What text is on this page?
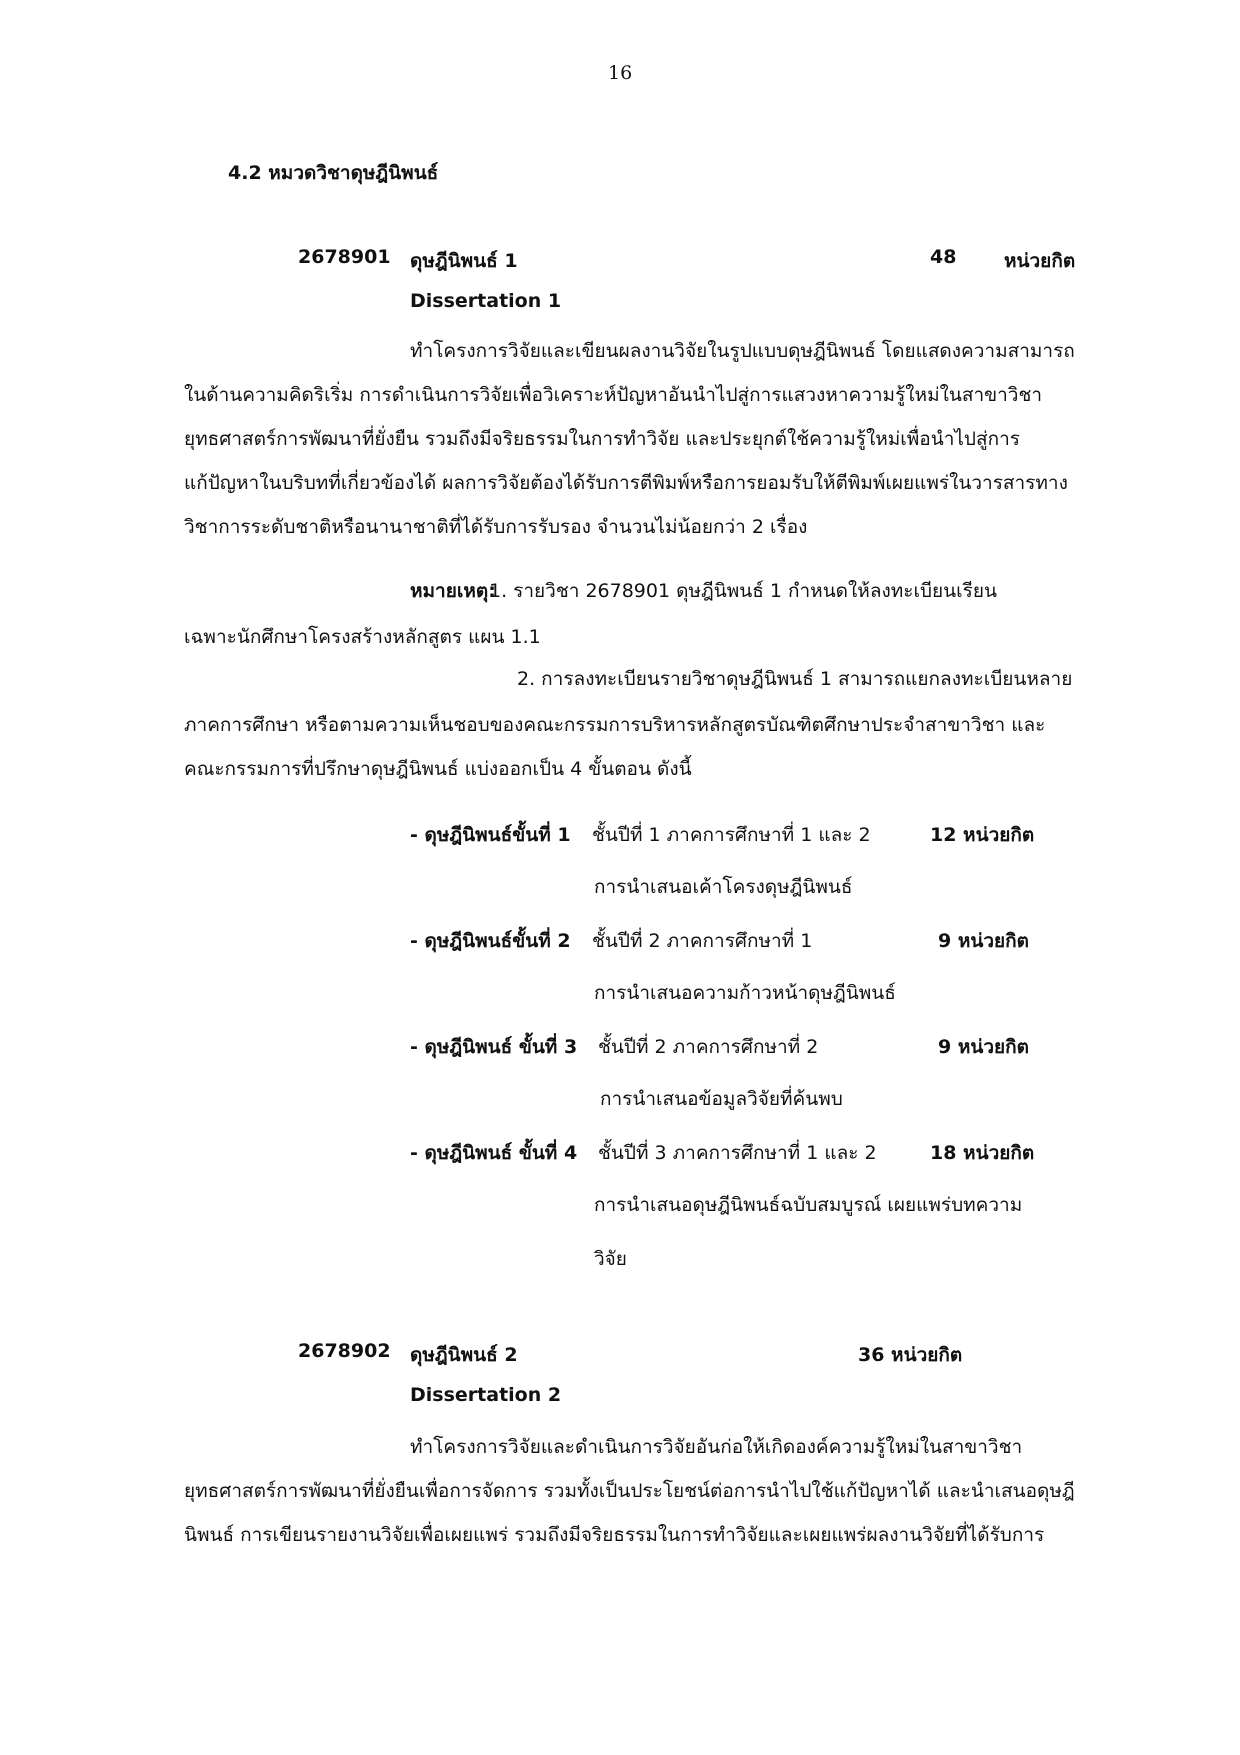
16
4.2 หมวดวิชาดุษฎีนิพนธ์
2678901 ดุษฎีนิพนธ์ 1	48	หน่วยกิต
Dissertation 1
ทำโครงการวิจัยและเขียนผลงานวิจัยในรูปแบบดุษฎีนิพนธ์ โดยแสดงความสามารถ
ในด้านความคิดริเริ่ม การดำเนินการวิจัยเพื่อวิเคราะห์ปัญหาอันนำไปสู่การแสวงหาความรู้ใหม่ในสาขาวิชา
ยุทธศาสตร์การพัฒนาที่ยั่งยืน รวมถึงมีจริยธรรมในการทำวิจัย และประยุกต์ใช้ความรู้ใหม่เพื่อนำไปสู่การ
แก้ปัญหาในบริบทที่เกี่ยวข้องได้ ผลการวิจัยต้องได้รับการตีพิมพ์หรือการยอมรับให้ตีพิมพ์เผยแพร่ในวารสารทาง
วิชาการระดับชาติหรือนานาชาติที่ได้รับการรับรอง จำนวนไม่น้อยกว่า 2 เรื่อง
หมายเหตุ:
1. รายวิชา 2678901 ดุษฎีนิพนธ์ 1 กำหนดให้ลงทะเบียนเรียน
เฉพาะนักศึกษาโครงสร้างหลักสูตร แผน 1.1
2. การลงทะเบียนรายวิชาดุษฎีนิพนธ์ 1 สามารถแยกลงทะเบียนหลาย
ภาคการศึกษา หรือตามความเห็นชอบของคณะกรรมการบริหารหลักสูตรบัณฑิตศึกษาประจำสาขาวิชา และ
คณะกรรมการที่ปรึกษาดุษฎีนิพนธ์ แบ่งออกเป็น 4 ขั้นตอน ดังนี้
- ดุษฎีนิพนธ์ขั้นที่ 1 ชั้นปีที่ 1 ภาคการศึกษาที่ 1 และ 2	12 หน่วยกิต
การนำเสนอเค้าโครงดุษฎีนิพนธ์
- ดุษฎีนิพนธ์ขั้นที่ 2 ชั้นปีที่ 2 ภาคการศึกษาที่ 1	9 หน่วยกิต
การนำเสนอความก้าวหน้าดุษฎีนิพนธ์
- ดุษฎีนิพนธ์ ขั้นที่ 3 ชั้นปีที่ 2 ภาคการศึกษาที่ 2	9 หน่วยกิต
การนำเสนอข้อมูลวิจัยที่ค้นพบ
- ดุษฎีนิพนธ์ ขั้นที่ 4 ชั้นปีที่ 3 ภาคการศึกษาที่ 1 และ 2	18 หน่วยกิต
การนำเสนอดุษฎีนิพนธ์ฉบับสมบูรณ์ เผยแพร่บทความ
วิจัย
2678902 ดุษฎีนิพนธ์ 2	36 หน่วยกิต
Dissertation 2
ทำโครงการวิจัยและดำเนินการวิจัยอันก่อให้เกิดองค์ความรู้ใหม่ในสาขาวิชา
ยุทธศาสตร์การพัฒนาที่ยั่งยืนเพื่อการจัดการ รวมทั้งเป็นประโยชน์ต่อการนำไปใช้แก้ปัญหาได้ และนำเสนอดุษฎี
นิพนธ์ การเขียนรายงานวิจัยเพื่อเผยแพร่ รวมถึงมีจริยธรรมในการทำวิจัยและเผยแพร่ผลงานวิจัยที่ได้รับการ
